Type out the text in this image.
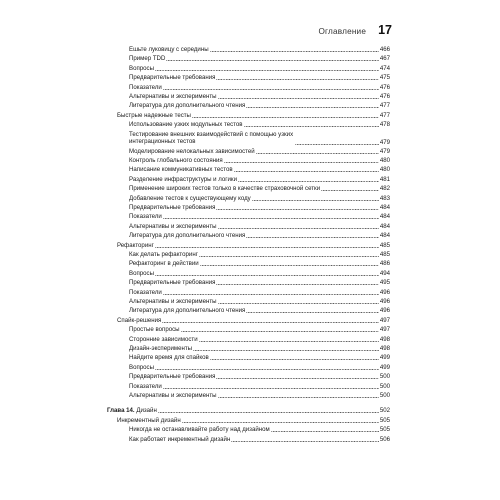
Оглавление 17
Ешьте луковицу с середины	466
Пример TDD	467
Вопросы	474
Предварительные требования	475
Показатели	476
Альтернативы и эксперименты	476
Литература для дополнительного чтения	477
Быстрые надежные тесты	477
Использование узких модульных тестов	478
Тестирование внешних взаимодействий с помощью узких интеграционных тестов	479
Моделирование нелокальных зависимостей	479
Контроль глобального состояния	480
Написание коммуникативных тестов	480
Разделение инфраструктуры и логики	481
Применение широких тестов только в качестве страховочной сетки	482
Добавление тестов к существующему коду	483
Предварительные требования	484
Показатели	484
Альтернативы и эксперименты	484
Литература для дополнительного чтения	484
Рефакторинг	485
Как делать рефакторинг	485
Рефакторинг в действии	486
Вопросы	494
Предварительные требования	495
Показатели	496
Альтернативы и эксперименты	496
Литература для дополнительного чтения	496
Спайк-решения	497
Простые вопросы	497
Сторонние зависимости	498
Дизайн-эксперименты	498
Найдите время для спайков	499
Вопросы	499
Предварительные требования	500
Показатели	500
Альтернативы и эксперименты	500
Глава 14. Дизайн	502
Инкрементный дизайн	505
Никогда не останавливайте работу над дизайном	505
Как работает инкрементный дизайн	506
